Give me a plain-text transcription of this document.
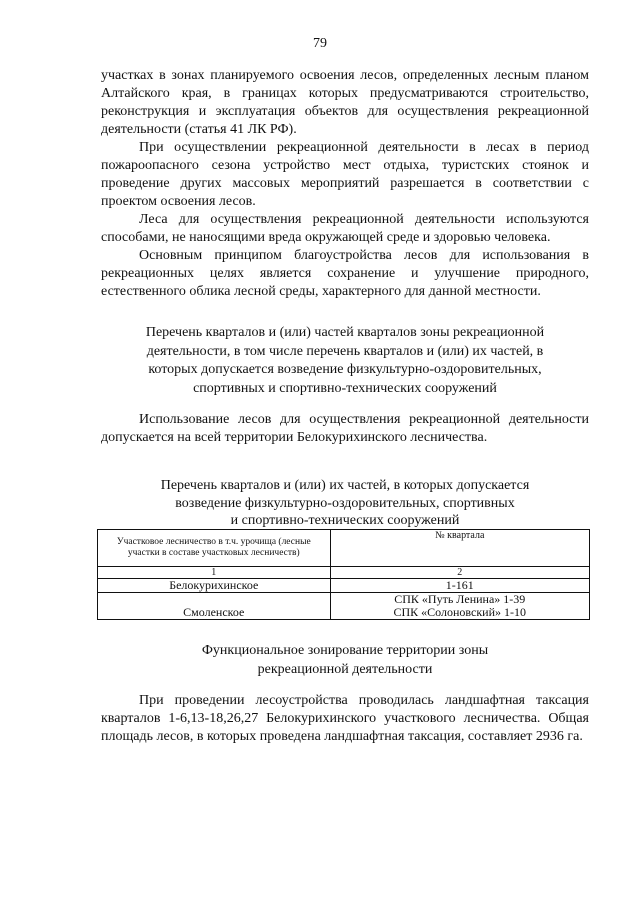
79

участках в зонах планируемого освоения лесов, определенных лесным планом Алтайского края, в границах которых предусматриваются строительство, реконструкция и эксплуатация объектов для осуществления рекреационной деятельности (статья 41 ЛК РФ).

При осуществлении рекреационной деятельности в лесах в период пожароопасного сезона устройство мест отдыха, туристских стоянок и проведение других массовых мероприятий разрешается в соответствии с проектом освоения лесов.

Леса для осуществления рекреационной деятельности используются способами, не наносящими вреда окружающей среде и здоровью человека.

Основным принципом благоустройства лесов для использования в рекреационных целях является сохранение и улучшение природного, естественного облика лесной среды, характерного для данной местности.

Перечень кварталов и (или) частей кварталов зоны рекреационной
деятельности, в том числе перечень кварталов и (или) их частей, в
которых допускается возведение физкультурно-оздоровительных,
спортивных и спортивно-технических сооружений

Использование лесов для осуществления рекреационной деятельности допускается на всей территории Белокурихинского лесничества.

Перечень кварталов и (или) их частей, в которых допускается
возведение физкультурно-оздоровительных, спортивных
и спортивно-технических сооружений
Участковое лесничество в т.ч. урочища (лесные участки в составе участковых лесничеств)	№ квартала
1	2
Белокурихинское	1-161
Смоленское	СПК «Путь Ленина» 1-39
СПК «Солоновский» 1-10
Функциональное зонирование территории зоны
рекреационной деятельности

При проведении лесоустройства проводилась ландшафтная таксация кварталов 1-6,13-18,26,27 Белокурихинского участкового лесничества. Общая площадь лесов, в которых проведена ландшафтная таксация, составляет 2936 га.
